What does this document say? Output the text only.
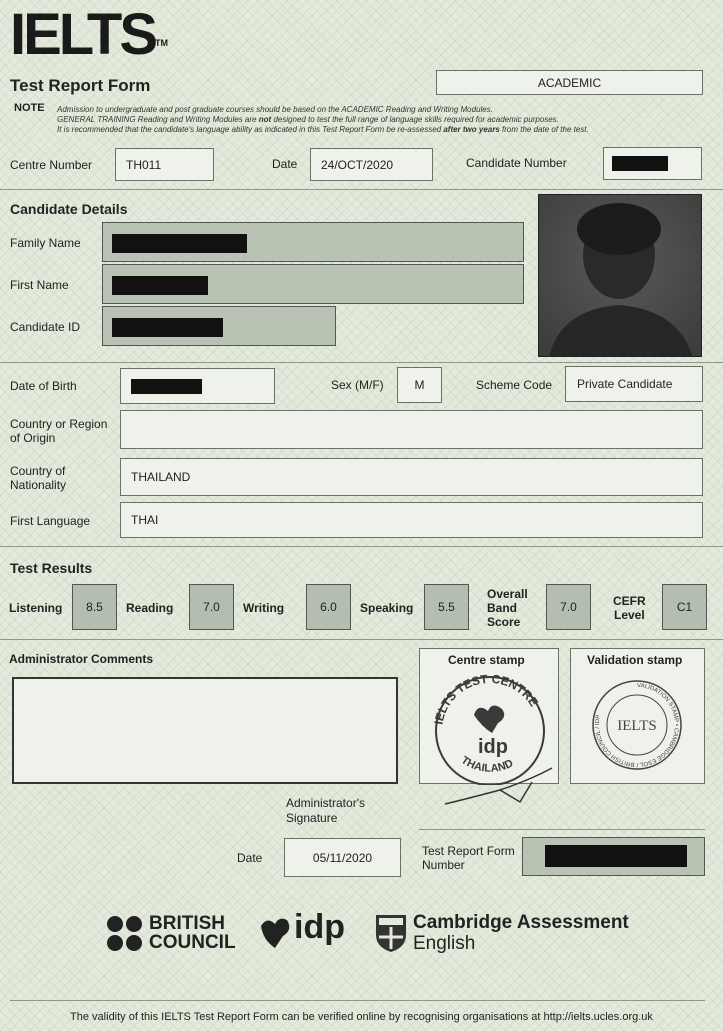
IELTS™
Test Report Form	ACADEMIC
NOTE Admission to undergraduate and post graduate courses should be based on the ACADEMIC Reading and Writing Modules.
GENERAL TRAINING Reading and Writing Modules are not designed to test the full range of language skills required for academic purposes.
It is recommended that the candidate's language ability as indicated in this Test Report Form be re-assessed after two years from the date of the test.
Centre Number	TH011	Date 24/OCT/2020	Candidate Number
Candidate Details
Family Name
First Name
Candidate ID
Date of Birth	Sex (M/F)	M	Scheme Code Private Candidate
Country or Region
of Origin
Country of
Nationality
THAILAND
First Language	THAI
Test Results
Listening	8.5	Reading	7.0	Writing	6.0	Speaking	5.5
Overall
Band
Score
7.0	CEFR
Level
C1
Administrator Comments	Centre stamp
IELTS TEST CENTRE
THAILAND
idp
Validation stamp
VALIDATION STAMP • CAMBRIDGE ESOL / BRITISH COUNCIL / IDP
IELTS
Administrator's
Signature
Date	05/11/2020	Test Report Form
Number
BRITISH
COUNCIL idp	Cambridge Assessment
English
The validity of this IELTS Test Report Form can be verified online by recognising organisations at http://ielts.ucles.org.uk
